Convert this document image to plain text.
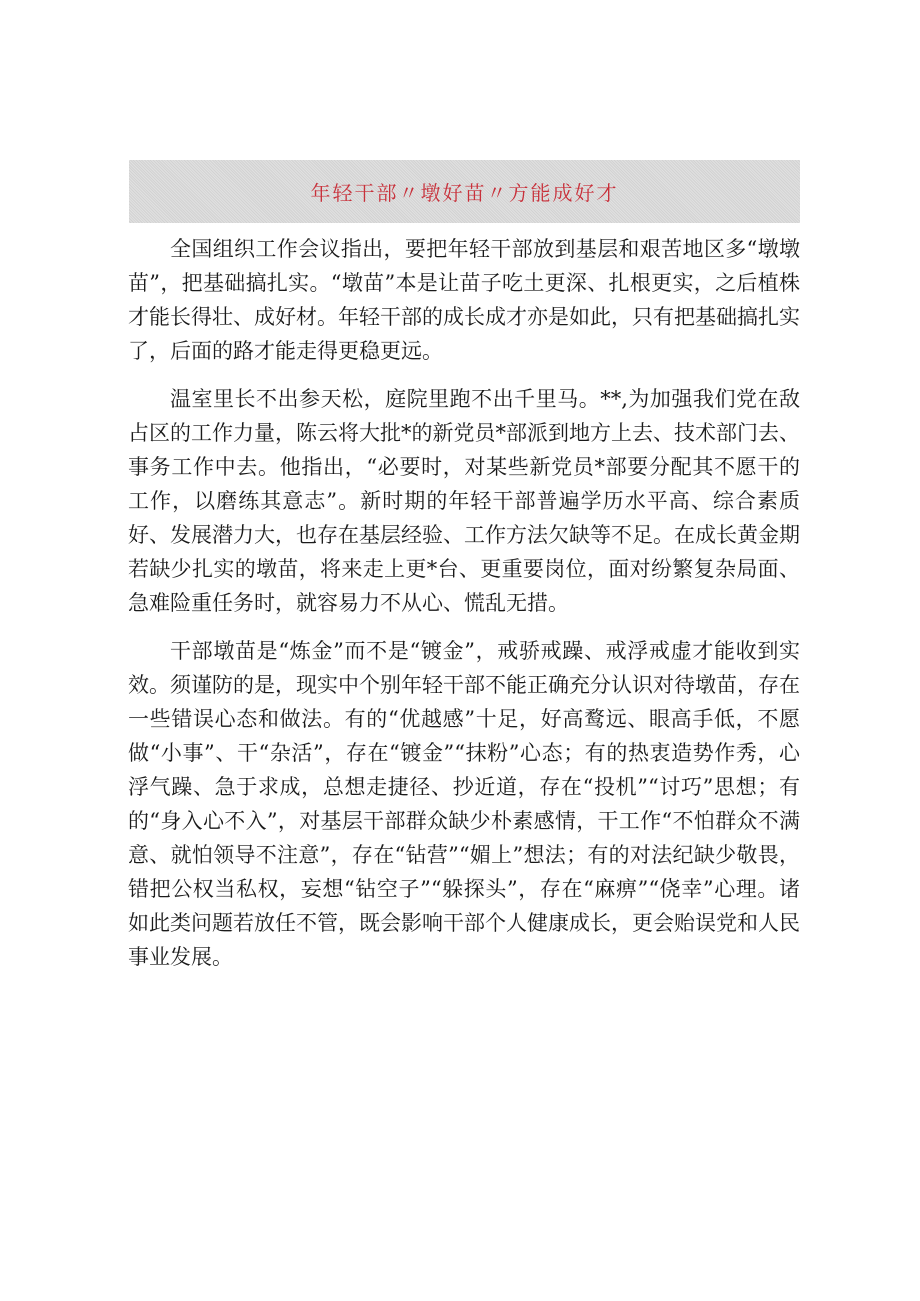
年轻干部〃墩好苗〃方能成好才

全国组织工作会议指出，要把年轻干部放到基层和艰苦地区多“墩墩苗”，把基础搞扎实。“墩苗”本是让苗子吃土更深、扎根更实，之后植株才能长得壮、成好材。年轻干部的成长成才亦是如此，只有把基础搞扎实了，后面的路才能走得更稳更远。

温室里长不出参天松，庭院里跑不出千里马。**,为加强我们党在敌占区的工作力量，陈云将大批*的新党员*部派到地方上去、技术部门去、事务工作中去。他指出，“必要时，对某些新党员*部要分配其不愿干的工作，以磨练其意志”。新时期的年轻干部普遍学历水平高、综合素质好、发展潜力大，也存在基层经验、工作方法欠缺等不足。在成长黄金期若缺少扎实的墩苗，将来走上更*台、更重要岗位，面对纷繁复杂局面、急难险重任务时，就容易力不从心、慌乱无措。

干部墩苗是“炼金”而不是“镀金”，戒骄戒躁、戒浮戒虚才能收到实效。须谨防的是，现实中个别年轻干部不能正确充分认识对待墩苗，存在一些错误心态和做法。有的“优越感”十足，好高鹜远、眼高手低，不愿做“小事”、干“杂活”，存在“镀金”“抹粉”心态；有的热衷造势作秀，心浮气躁、急于求成，总想走捷径、抄近道，存在“投机”“讨巧”思想；有的“身入心不入”，对基层干部群众缺少朴素感情，干工作“不怕群众不满意、就怕领导不注意”，存在“钻营”“媚上”想法；有的对法纪缺少敬畏，错把公权当私权，妄想“钻空子”“躲探头”，存在“麻痹”“侥幸”心理。诸如此类问题若放任不管，既会影响干部个人健康成长，更会贻误党和人民事业发展。
